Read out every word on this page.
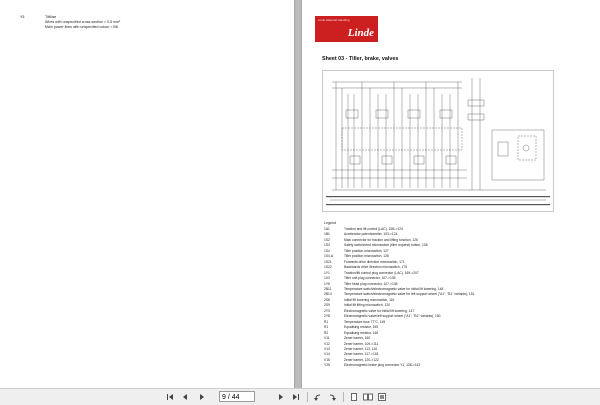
Y5	Tiltlöse
Wires with unspecified cross-section = 0.5 mm²
Main power lines with unspecified colour = BK
Linde Material Handling
Linde
Sheet 03 - Tiller, brake, valves
Legend
1A1	Traction and lift control (LAC), 10B->124
1B1	Accelerator potentiometer, 103->124
1S2	Main connector for traction and lifting function, 126
1S3	Safety switch/reed microswitch (tiller request) button, 106
1S4	Tiller position microswitch, 127
1S4-A	Tiller position microswitch, 128
1S21	Forwards drive direction microswitch, 171
1S22	Backwards drive direction microswitch, 175
1Y1	Traction/lift control plug connector (LAC), 169->207
1X3	Tiller unit plug connector, 107->135
1Y6	Tiller head plug connector, 107->135
2B11	Temperature switch/electromagnetic valve for initial lift lowering, 148
2B14	Temperature switch/electromagnetic valve for left support wheel ("A1", "B1" variants), 151
2S8	Initial lift lowering microswitch, 116
2S9	Initial lift lifting microswitch, 120
2Y3	Electromagnetic valve for initial lift lowering, 147
2Y8	Electromagnetic valve/left support wheel ("A1", "B1" variants), 150
R1	Temperature fuse 77°C, 145
R1	Equalising resistor, 155
R2	Equalising resistor, 148
V11	Zener barrier, 160
V12	Zener barrier, 109->111
V13	Zener barrier, 113, 116
V14	Zener barrier, 117->118
V15	Zener barrier, 120->122
Y25	Electromagnetic brake plug connector Y1, 138->143
9 / 44
